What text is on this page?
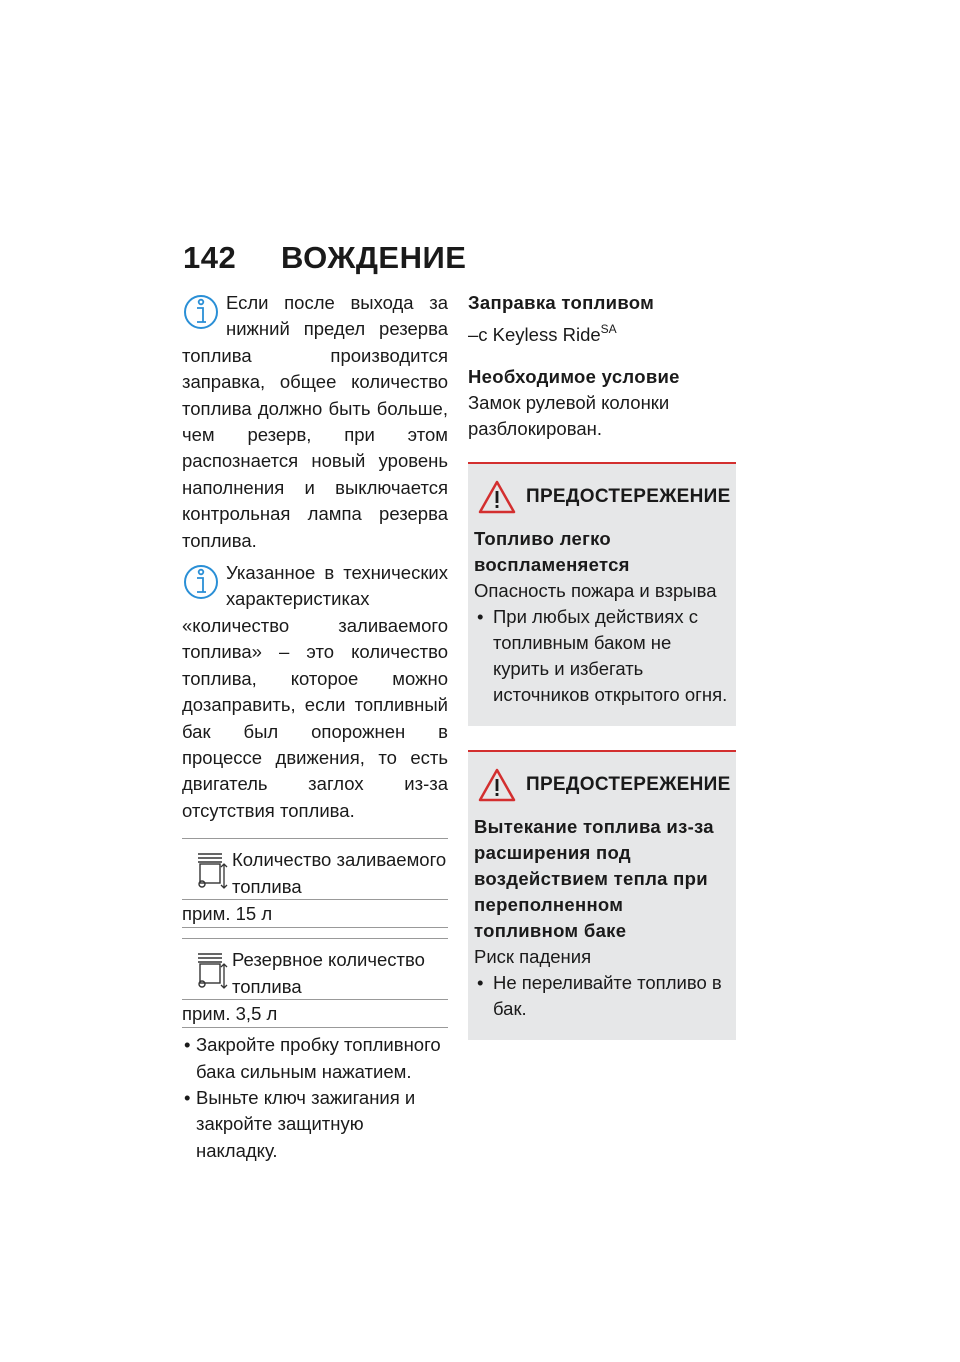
142 ВОЖДЕНИЕ
Если после выхода за нижний предел резерва топлива производится заправка, общее количество топлива должно быть больше, чем резерв, при этом распознается новый уровень наполнения и выключается контрольная лампа резерва топлива.
Указанное в технических характеристиках «количество заливаемого топлива» – это количество топлива, которое можно дозаправить, если топливный бак был опорожнен в процессе движения, то есть двигатель заглох из-за отсутствия топлива.
Количество заливаемого топлива
прим. 15 л
Резервное количество топлива
прим. 3,5 л
• Закройте пробку топливного бака сильным нажатием.
• Выньте ключ зажигания и закройте защитную накладку.
Заправка топливом
–с Keyless Ride$^{SA}$
Необходимое условие

Замок рулевой колонки разблокирован.

ПРЕДОСТЕРЕЖЕНИЕ
Топливо легко воспламеняется
Опасность пожара и взрыва
• При любых действиях с топливным баком не курить и избегать источников открытого огня.
ПРЕДОСТЕРЕЖЕНИЕ
Вытекание топлива из-за расширения под воздействием тепла при переполненном топливном баке
Риск падения
• Не переливайте топливо в бак.
